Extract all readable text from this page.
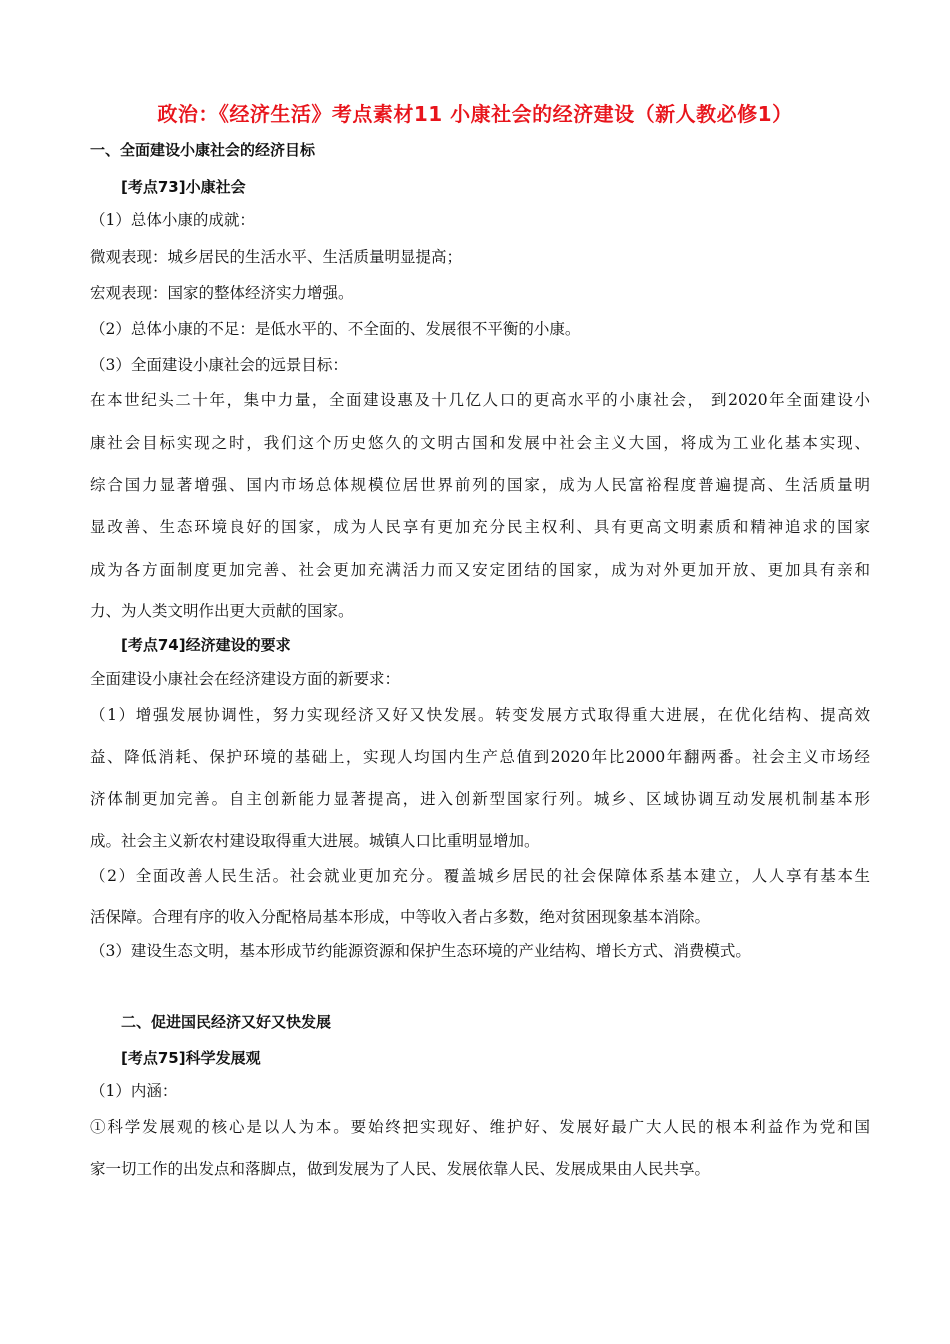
政治：《经济生活》考点素材11 小康社会的经济建设（新人教必修1）
一、全面建设小康社会的经济目标
[考点73]小康社会
（1）总体小康的成就：
微观表现：城乡居民的生活水平、生活质量明显提高；
宏观表现：国家的整体经济实力增强。
（2）总体小康的不足：是低水平的、不全面的、发展很不平衡的小康。
（3）全面建设小康社会的远景目标：
在本世纪头二十年，集中力量，全面建设惠及十几亿人口的更高水平的小康社会， 到2020年全面建设小
康社会目标实现之时，我们这个历史悠久的文明古国和发展中社会主义大国，将成为工业化基本实现、
综合国力显著增强、国内市场总体规模位居世界前列的国家，成为人民富裕程度普遍提高、生活质量明
显改善、生态环境良好的国家，成为人民享有更加充分民主权利、具有更高文明素质和精神追求的国家
成为各方面制度更加完善、社会更加充满活力而又安定团结的国家，成为对外更加开放、更加具有亲和
力、为人类文明作出更大贡献的国家。
[考点74]经济建设的要求
全面建设小康社会在经济建设方面的新要求：
（1）增强发展协调性，努力实现经济又好又快发展。转变发展方式取得重大进展，在优化结构、提高效
益、降低消耗、保护环境的基础上，实现人均国内生产总值到2020年比2000年翻两番。社会主义市场经
济体制更加完善。自主创新能力显著提高，进入创新型国家行列。城乡、区域协调互动发展机制基本形
成。社会主义新农村建设取得重大进展。城镇人口比重明显增加。
（2）全面改善人民生活。社会就业更加充分。覆盖城乡居民的社会保障体系基本建立，人人享有基本生
活保障。合理有序的收入分配格局基本形成，中等收入者占多数，绝对贫困现象基本消除。
（3）建设生态文明，基本形成节约能源资源和保护生态环境的产业结构、增长方式、消费模式。
二、促进国民经济又好又快发展
[考点75]科学发展观
（1）内涵：
①科学发展观的核心是以人为本。要始终把实现好、维护好、发展好最广大人民的根本利益作为党和国
家一切工作的出发点和落脚点，做到发展为了人民、发展依靠人民、发展成果由人民共享。
